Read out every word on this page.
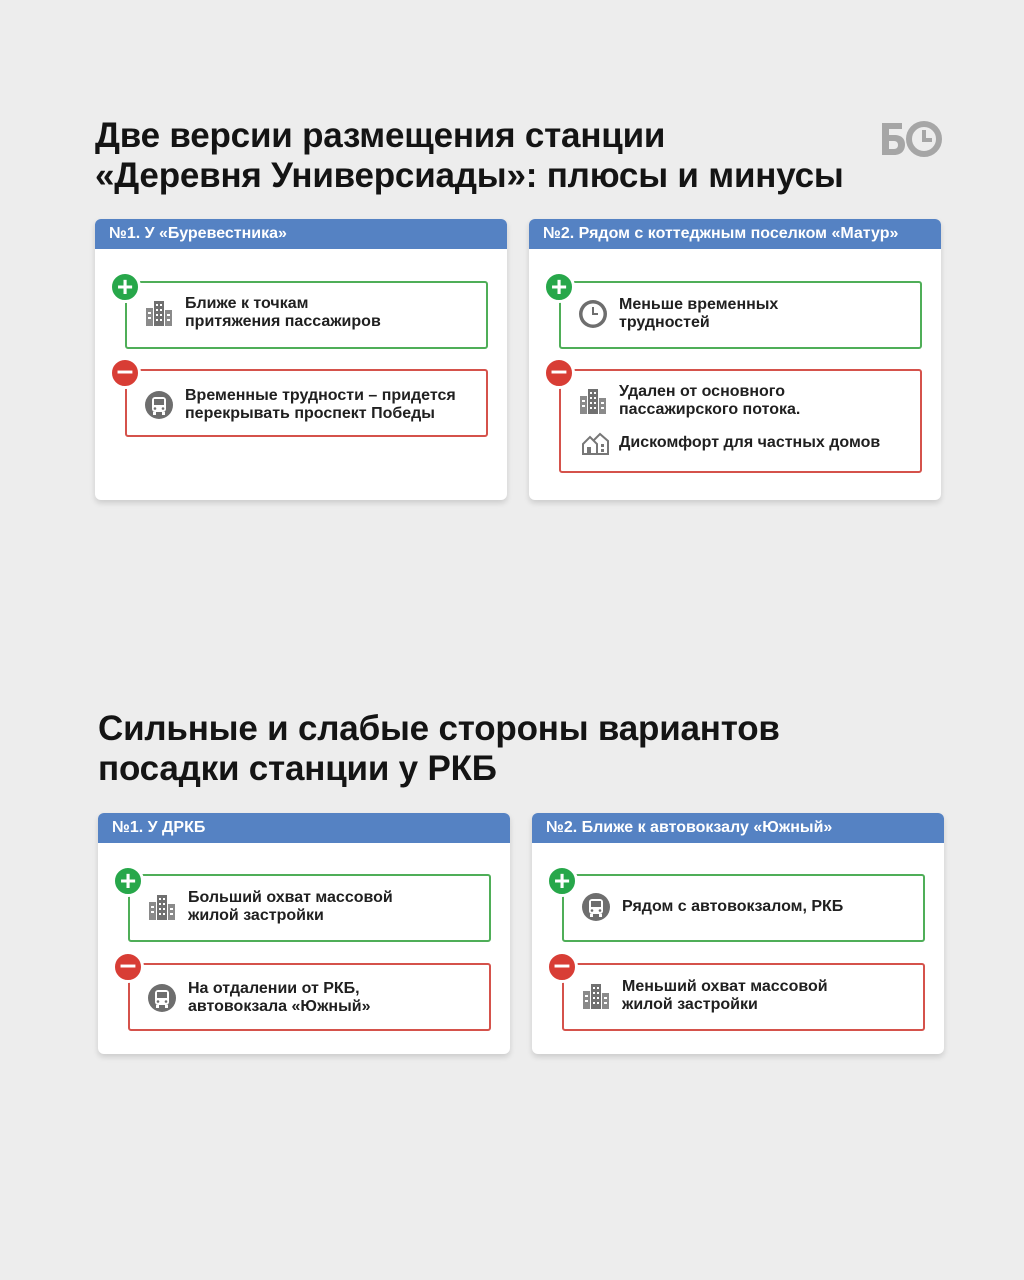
Две версии размещения станции
«Деревня Универсиады»: плюсы и минусы
№1. У «Буревестника»
+
Ближе к точкам
притяжения пассажиров
–
Временные трудности – придется
перекрывать проспект Победы
№2. Рядом с коттеджным поселком «Матур»
+
Меньше временных
трудностей
–
Удален от основного
пассажирского потока.
Дискомфорт для частных домов
Сильные и слабые стороны вариантов
посадки станции у РКБ
№1. У ДРКБ
+
Больший охват массовой
жилой застройки
–
На отдалении от РКБ,
автовокзала «Южный»
№2. Ближе к автовокзалу «Южный»
+
Рядом с автовокзалом, РКБ
–
Меньший охват массовой
жилой застройки
